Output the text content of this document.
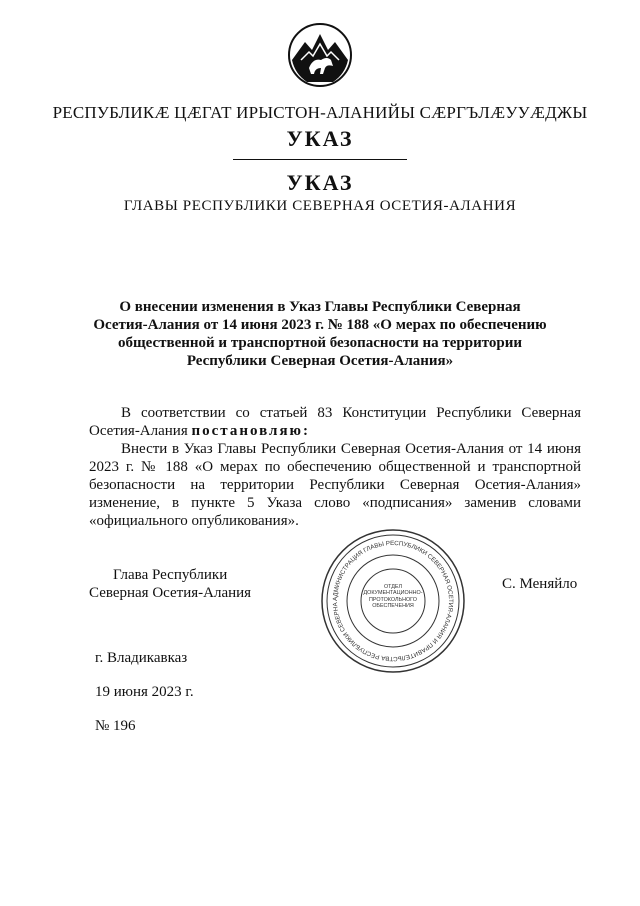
РЕСПУБЛИКӔ ЦӔГАТ ИРЫСТОН-АЛАНИЙЫ СӔРГЪЛӔУУӔДЖЫ
УКАЗ
УКАЗ
ГЛАВЫ РЕСПУБЛИКИ СЕВЕРНАЯ ОСЕТИЯ-АЛАНИЯ
О внесении изменения в Указ Главы Республики Северная
Осетия-Алания от 14 июня 2023 г. № 188 «О мерах по обеспечению
общественной и транспортной безопасности на территории
Республики Северная Осетия-Алания»

В соответствии со статьей 83 Конституции Республики Северная Осетия-Алания постановляю:

Внести в Указ Главы Республики Северная Осетия-Алания от 14 июня 2023 г. № 188 «О мерах по обеспечению общественной и транспортной безопасности на территории Республики Северная Осетия-Алания» изменение, в пункте 5 Указа слово «подписания» заменив словами «официального опубликования».

Глава Республики
Северная Осетия-Алания	АДМИНИСТРАЦИЯ ГЛАВЫ РЕСПУБЛИКИ СЕВЕРНАЯ ОСЕТИЯ-АЛАНИЯ И ПРАВИТЕЛЬСТВА РЕСПУБЛИКИ СЕВЕРНА
ОТДЕЛ ДОКУМЕНТАЦИОННО-ПРОТОКОЛЬНОГО ОБЕСПЕЧЕНИЯ
С. Меняйло
г. Владикавказ
19 июня 2023 г.
№ 196
